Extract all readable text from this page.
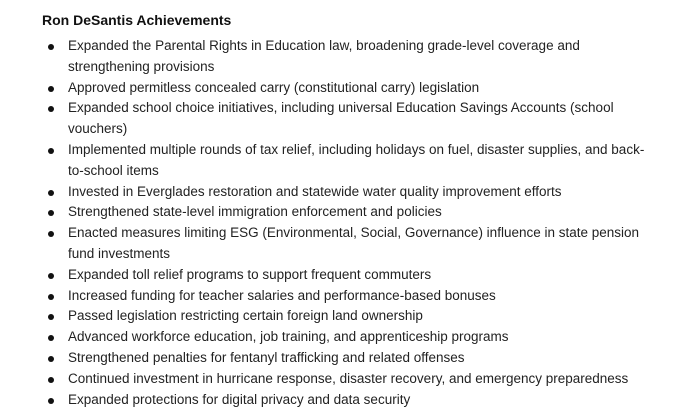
Ron DeSantis Achievements
Expanded the Parental Rights in Education law, broadening grade-level coverage and strengthening provisions
Approved permitless concealed carry (constitutional carry) legislation
Expanded school choice initiatives, including universal Education Savings Accounts (school vouchers)
Implemented multiple rounds of tax relief, including holidays on fuel, disaster supplies, and back-to-school items
Invested in Everglades restoration and statewide water quality improvement efforts
Strengthened state-level immigration enforcement and policies
Enacted measures limiting ESG (Environmental, Social, Governance) influence in state pension fund investments
Expanded toll relief programs to support frequent commuters
Increased funding for teacher salaries and performance-based bonuses
Passed legislation restricting certain foreign land ownership
Advanced workforce education, job training, and apprenticeship programs
Strengthened penalties for fentanyl trafficking and related offenses
Continued investment in hurricane response, disaster recovery, and emergency preparedness
Expanded protections for digital privacy and data security
